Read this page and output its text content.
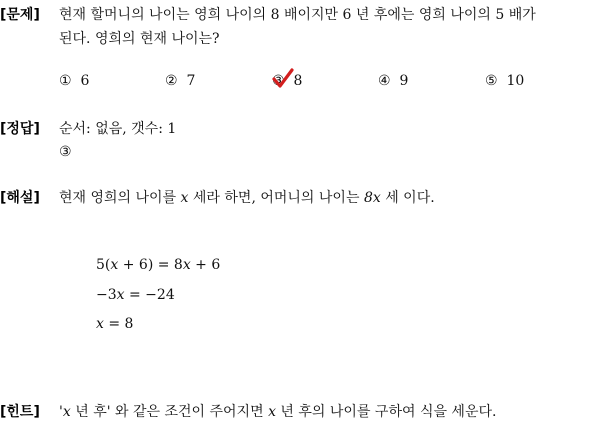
[문제] 현재 할머니의 나이는 영희 나이의 8 배이지만 6 년 후에는 영희 나이의 5 배가
된다. 영희의 현재 나이는?
① 6	② 7	③ 8	④ 9	⑤ 10
[정답] 순서: 없음, 갯수: 1
③
[해설] 현재 영희의 나이를 x 세라 하면, 어머니의 나이는 8x 세 이다.
5(x + 6) = 8x + 6
−3x = −24
x = 8
[힌트] 'x 년 후' 와 같은 조건이 주어지면 x 년 후의 나이를 구하여 식을 세운다.
